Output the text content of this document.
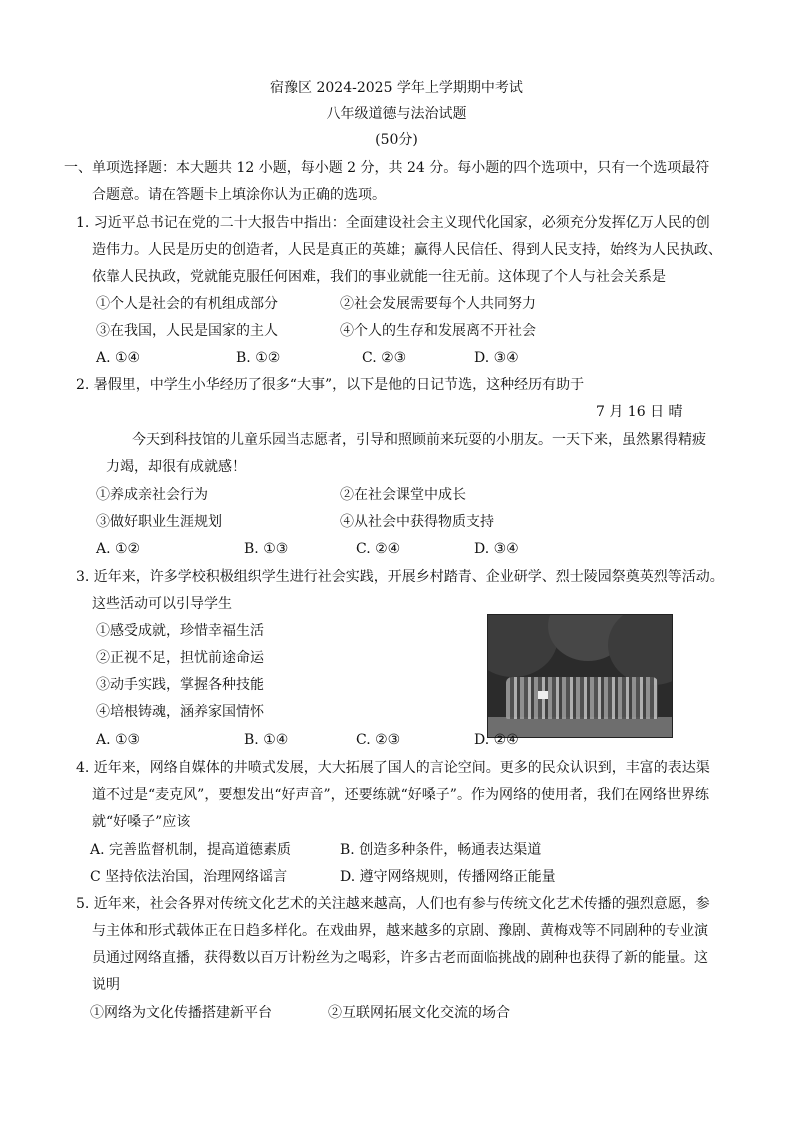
宿豫区 2024-2025 学年上学期期中考试
八年级道德与法治试题
(50分)
一、单项选择题：本大题共 12 小题，每小题 2 分，共 24 分。每小题的四个选项中，只有一个选项最符
合题意。请在答题卡上填涂你认为正确的选项。
1. 习近平总书记在党的二十大报告中指出：全面建设社会主义现代化国家，必须充分发挥亿万人民的创
造伟力。人民是历史的创造者，人民是真正的英雄；赢得人民信任、得到人民支持，始终为人民执政、
依靠人民执政，党就能克服任何困难，我们的事业就能一往无前。这体现了个人与社会关系是
①个人是社会的有机组成部分	②社会发展需要每个人共同努力
③在我国，人民是国家的主人	④个人的生存和发展离不开社会
A. ①④	B. ①②	C. ②③	D. ③④
2. 暑假里，中学生小华经历了很多“大事”，以下是他的日记节选，这种经历有助于
7 月 16 日 晴
今天到科技馆的儿童乐园当志愿者，引导和照顾前来玩耍的小朋友。一天下来，虽然累得精疲
力竭，却很有成就感！
①养成亲社会行为	②在社会课堂中成长
③做好职业生涯规划	④从社会中获得物质支持
A. ①②	B. ①③	C. ②④	D. ③④
3. 近年来，许多学校积极组织学生进行社会实践，开展乡村踏青、企业研学、烈士陵园祭奠英烈等活动。
这些活动可以引导学生
①感受成就，珍惜幸福生活
②正视不足，担忧前途命运
③动手实践，掌握各种技能
④培根铸魂，涵养家国情怀
A. ①③	B. ①④	C. ②③	D. ②④
4. 近年来，网络自媒体的井喷式发展，大大拓展了国人的言论空间。更多的民众认识到，丰富的表达渠
道不过是“麦克风”，要想发出“好声音”，还要练就“好嗓子”。作为网络的使用者，我们在网络世界练
就“好嗓子”应该
A. 完善监督机制，提高道德素质	B. 创造多种条件，畅通表达渠道
C 坚持依法治国，治理网络谣言	D. 遵守网络规则，传播网络正能量
5. 近年来，社会各界对传统文化艺术的关注越来越高，人们也有参与传统文化艺术传播的强烈意愿，参
与主体和形式载体正在日趋多样化。在戏曲界，越来越多的京剧、豫剧、黄梅戏等不同剧种的专业演
员通过网络直播，获得数以百万计粉丝为之喝彩，许多古老而面临挑战的剧种也获得了新的能量。这
说明
①网络为文化传播搭建新平台	②互联网拓展文化交流的场合
